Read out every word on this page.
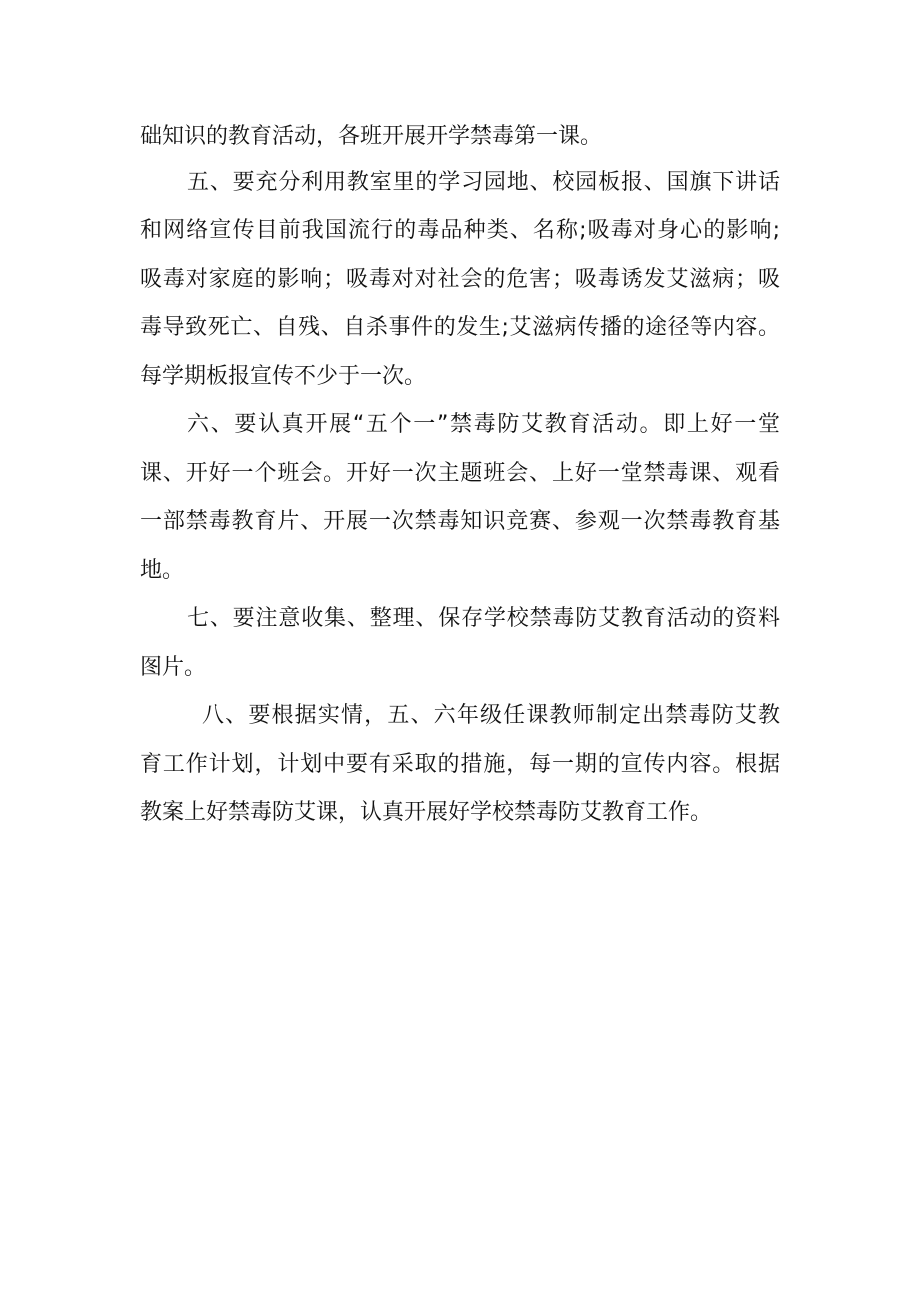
础知识的教育活动，各班开展开学禁毒第一课。
五、要充分利用教室里的学习园地、校园板报、国旗下讲话
和网络宣传目前我国流行的毒品种类、名称;吸毒对身心的影响;
吸毒对家庭的影响；吸毒对对社会的危害；吸毒诱发艾滋病；吸
毒导致死亡、自残、自杀事件的发生;艾滋病传播的途径等内容。
每学期板报宣传不少于一次。
六、要认真开展“五个一”禁毒防艾教育活动。即上好一堂
课、开好一个班会。开好一次主题班会、上好一堂禁毒课、观看
一部禁毒教育片、开展一次禁毒知识竞赛、参观一次禁毒教育基
地。
七、要注意收集、整理、保存学校禁毒防艾教育活动的资料
图片。
八、要根据实情，五、六年级任课教师制定出禁毒防艾教
育工作计划，计划中要有采取的措施，每一期的宣传内容。根据
教案上好禁毒防艾课，认真开展好学校禁毒防艾教育工作。
